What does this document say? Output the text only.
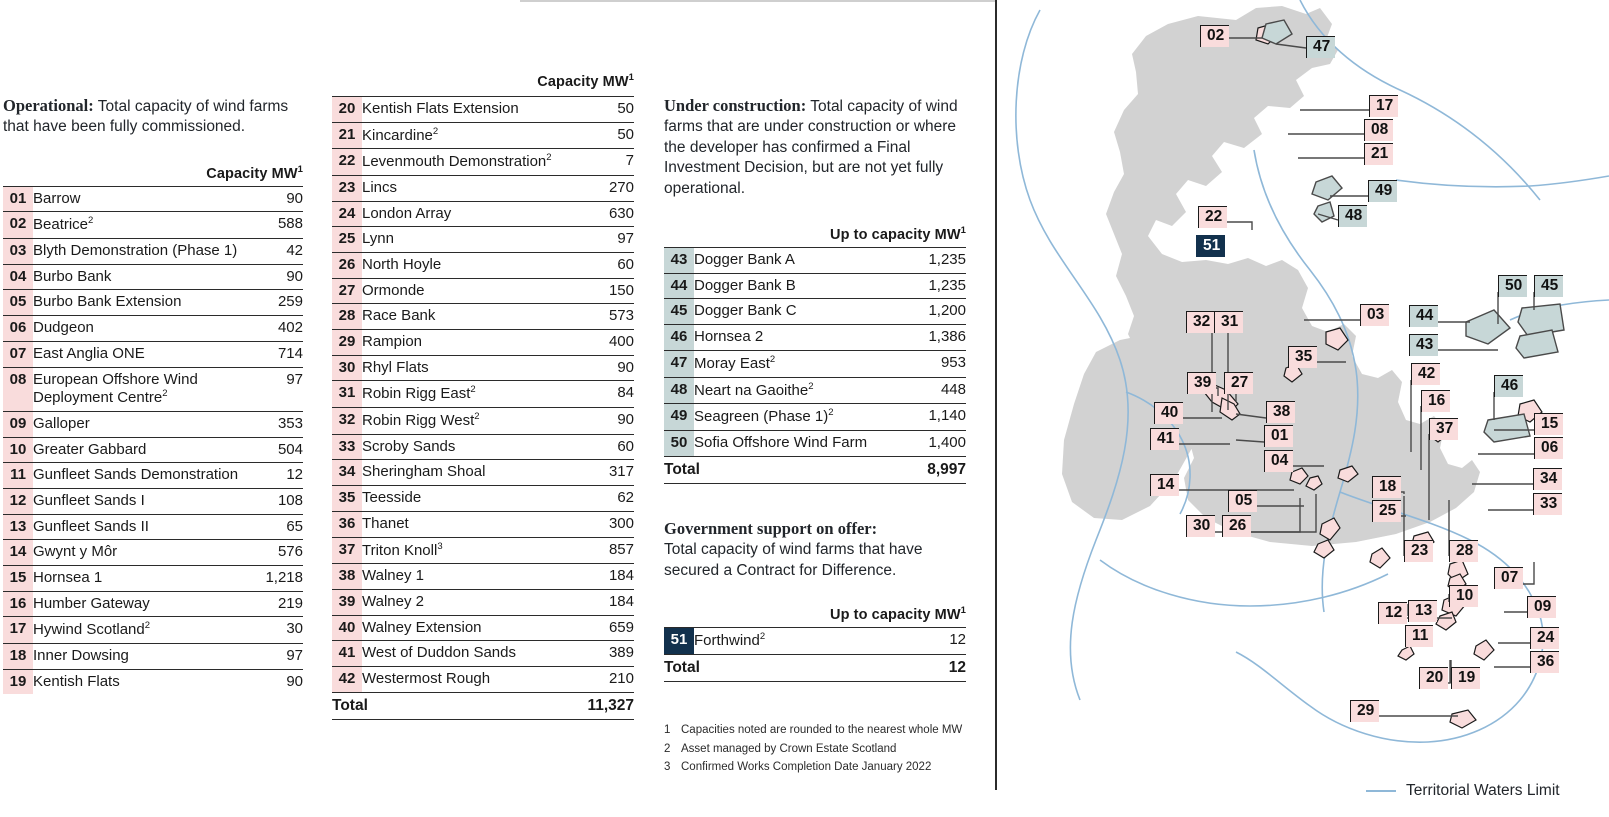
Operational: Total capacity of wind farms that have been fully commissioned.

Capacity $MW^1$
01	Barrow	90
02	Beatrice$^2$	588
03	Blyth Demonstration (Phase 1)	42
04	Burbo Bank	90
05	Burbo Bank Extension	259
06	Dudgeon	402
07	East Anglia ONE	714
08	European Offshore Wind Deployment Centre$^2$	97
09	Galloper	353
10	Greater Gabbard	504
11	Gunfleet Sands Demonstration	12
12	Gunfleet Sands I	108
13	Gunfleet Sands II	65
14	Gwynt y Môr	576
15	Hornsea 1	1,218
16	Humber Gateway	219
17	Hywind Scotland$^2$	30
18	Inner Dowsing	97
19	Kentish Flats	90
Capacity $MW^1$
20	Kentish Flats Extension	50
21	Kincardine$^2$	50
22	Levenmouth Demonstration$^2$	7
23	Lincs	270
24	London Array	630
25	Lynn	97
26	North Hoyle	60
27	Ormonde	150
28	Race Bank	573
29	Rampion	400
30	Rhyl Flats	90
31	Robin Rigg East$^2$	84
32	Robin Rigg West$^2$	90
33	Scroby Sands	60
34	Sheringham Shoal	317
35	Teesside	62
36	Thanet	300
37	Triton Knoll$^3$	857
38	Walney 1	184
39	Walney 2	184
40	Walney Extension	659
41	West of Duddon Sands	389
42	Westermost Rough	210
Total		11,327

Under construction: Total capacity of wind farms that are under construction or where the developer has confirmed a Final Investment Decision, but are not yet fully operational.

Up to capacity $MW^1$
43	Dogger Bank A	1,235
44	Dogger Bank B	1,235
45	Dogger Bank C	1,200
46	Hornsea 2	1,386
47	Moray East$^2$	953
48	Neart na Gaoithe$^2$	448
49	Seagreen (Phase 1)$^2$	1,140
50	Sofia Offshore Wind Farm	1,400
Total		8,997

Government support on offer:
Total capacity of wind farms that have secured a Contract for Difference.

Up to capacity $MW^1$
51	Forthwind$^2$	12
Total		12
1 Capacities noted are rounded to the nearest whole MW
2 Asset managed by Crown Estate Scotland
3 Confirmed Works Completion Date January 2022
02
47
17
08
21
49
48
22
51
50	45
03	44
43
32 31
35
42
46
16
39	27
38
40
37	15
01
41
04
06
14	18	34
05
25	33
30	26
23	28
07
10
09
12 13
11	24
36
20 19
29
Territorial Waters Limit
